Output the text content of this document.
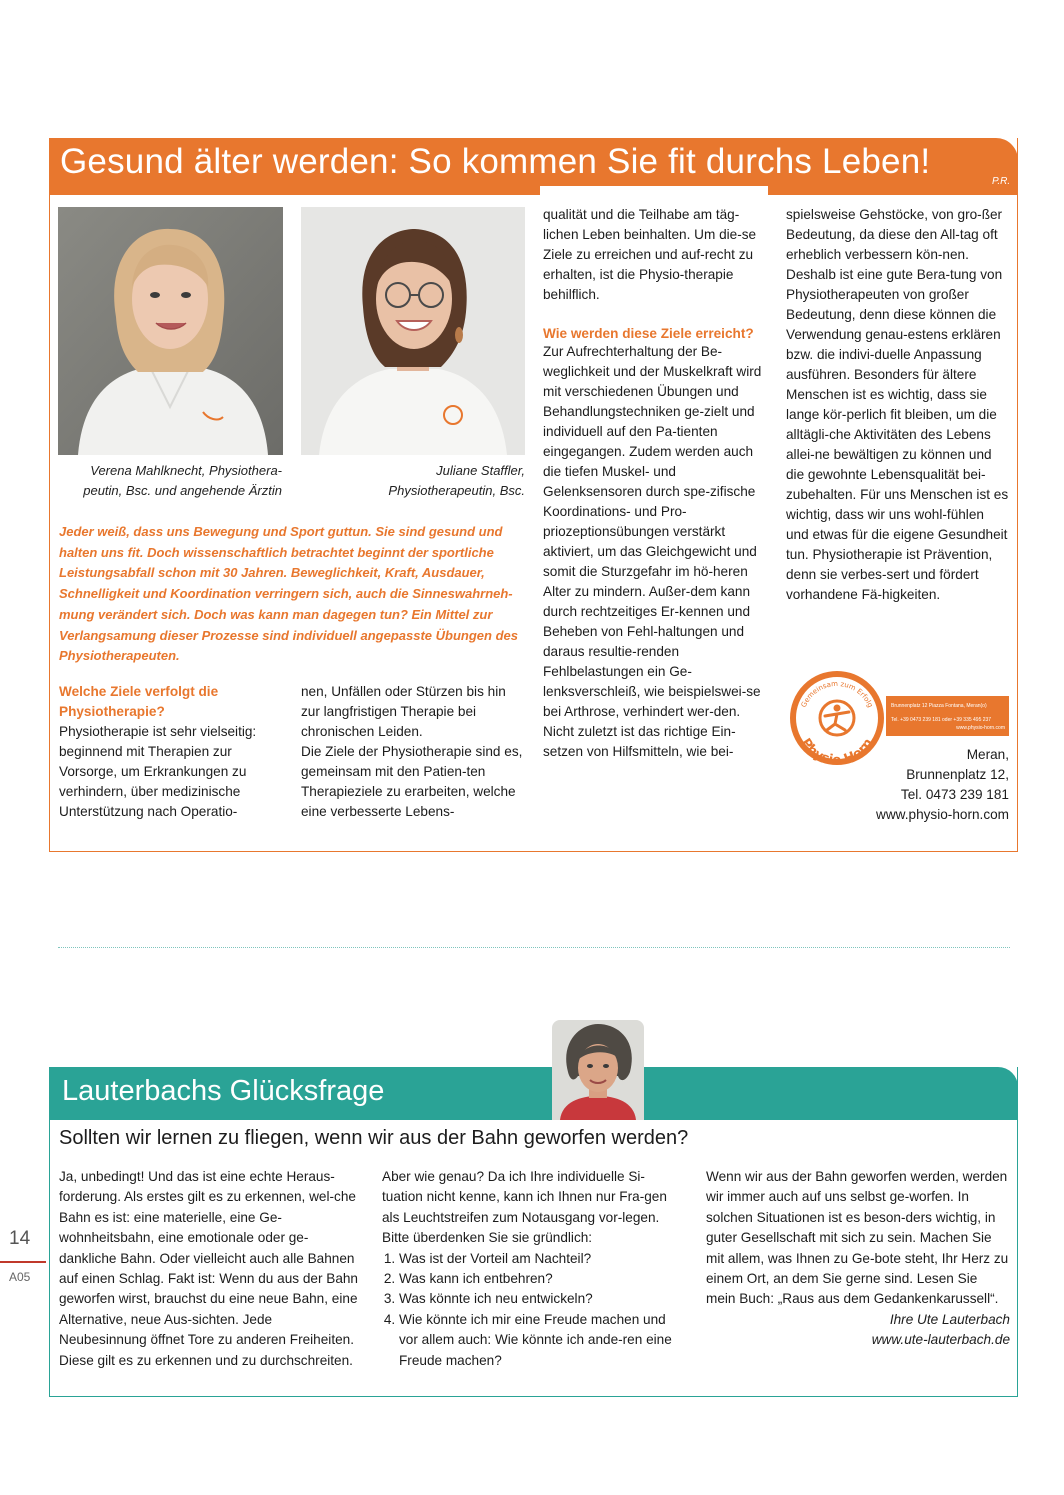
Gesund älter werden: So kommen Sie fit durchs Leben!
P.R.
Verena Mahlknecht, Physiothera-
peutin, Bsc. und angehende Ärztin
Juliane Staffler,
Physiotherapeutin, Bsc.
Jeder weiß, dass uns Bewegung und Sport guttun. Sie sind gesund und halten uns fit. Doch wissenschaftlich betrachtet beginnt der sportliche Leistungsabfall schon mit 30 Jahren. Beweglichkeit, Kraft, Ausdauer, Schnelligkeit und Koordination verringern sich, auch die Sinneswahrneh-mung verändert sich. Doch was kann man dagegen tun? Ein Mittel zur Verlangsamung dieser Prozesse sind individuell angepasste Übungen des Physiotherapeuten.

Welche Ziele verfolgt die Physiotherapie?

Physiotherapie ist sehr vielseitig: beginnend mit Therapien zur Vorsorge, um Erkrankungen zu verhindern, über medizinische Unterstützung nach Operatio-

nen, Unfällen oder Stürzen bis hin zur langfristigen Therapie bei chronischen Leiden.

Die Ziele der Physiotherapie sind es, gemeinsam mit den Patien-ten Therapieziele zu erarbeiten, welche eine verbesserte Lebens-

qualität und die Teilhabe am täg-lichen Leben beinhalten. Um die-se Ziele zu erreichen und auf-recht zu erhalten, ist die Physio-therapie behilflich.

Wie werden diese Ziele erreicht?

Zur Aufrechterhaltung der Be-weglichkeit und der Muskelkraft wird mit verschiedenen Übungen und Behandlungstechniken ge-zielt und individuell auf den Pa-tienten eingegangen. Zudem werden auch die tiefen Muskel- und Gelenksensoren durch spe-zifische Koordinations- und Pro-priozeptionsübungen verstärkt aktiviert, um das Gleichgewicht und somit die Sturzgefahr im hö-heren Alter zu mindern. Außer-dem kann durch rechtzeitiges Er-kennen und Beheben von Fehl-haltungen und daraus resultie-renden Fehlbelastungen ein Ge-lenksverschleiß, wie beispielswei-se bei Arthrose, verhindert wer-den.

Nicht zuletzt ist das richtige Ein-setzen von Hilfsmitteln, wie bei-

spielsweise Gehstöcke, von gro-ßer Bedeutung, da diese den All-tag oft erheblich verbessern kön-nen. Deshalb ist eine gute Bera-tung von Physiotherapeuten von großer Bedeutung, denn diese können die Verwendung genau-estens erklären bzw. die indivi-duelle Anpassung ausführen. Besonders für ältere Menschen ist es wichtig, dass sie lange kör-perlich fit bleiben, um die alltägli-che Aktivitäten des Lebens allei-ne bewältigen zu können und die gewohnte Lebensqualität bei-zubehalten. Für uns Menschen ist es wichtig, dass wir uns wohl-fühlen und etwas für die eigene Gesundheit tun. Physiotherapie ist Prävention, denn sie verbes-sert und fördert vorhandene Fä-higkeiten.

Gemeinsam zum Erfolg
Physio Horn
Brunnenplatz 12 Piazza Fontana, Meran(o)
Tel. +39 0473 239 181 oder +39 335 495 237
www.physio-horn.com
Meran,
Brunnenplatz 12,
Tel. 0473 239 181
www.physio-horn.com
Lauterbachs Glücksfrage
Sollten wir lernen zu fliegen, wenn wir aus der Bahn geworfen werden?

Ja, unbedingt! Und das ist eine echte Heraus-forderung. Als erstes gilt es zu erkennen, wel-che Bahn es ist: eine materielle, eine Ge-wohnheitsbahn, eine emotionale oder ge-dankliche Bahn. Oder vielleicht auch alle Bahnen auf einen Schlag. Fakt ist: Wenn du aus der Bahn geworfen wirst, brauchst du eine neue Bahn, eine Alternative, neue Aus-sichten. Jede Neubesinnung öffnet Tore zu anderen Freiheiten. Diese gilt es zu erkennen und zu durchschreiten.

Aber wie genau? Da ich Ihre individuelle Si-tuation nicht kenne, kann ich Ihnen nur Fra-gen als Leuchtstreifen zum Notausgang vor-legen. Bitte überdenken Sie sie gründlich:

1. Was ist der Vorteil am Nachteil?
2. Was kann ich entbehren?
3. Was könnte ich neu entwickeln?
4. Wie könnte ich mir eine Freude machen und vor allem auch: Wie könnte ich ande-ren eine Freude machen?

Wenn wir aus der Bahn geworfen werden, werden wir immer auch auf uns selbst ge-worfen. In solchen Situationen ist es beson-ders wichtig, in guter Gesellschaft mit sich zu sein. Machen Sie mit allem, was Ihnen zu Ge-bote steht, Ihr Herz zu einem Ort, an dem Sie gerne sind. Lesen Sie mein Buch: „Raus aus dem Gedankenkarussell“.

Ihre Ute Lauterbach

www.ute-lauterbach.de

14
A05
